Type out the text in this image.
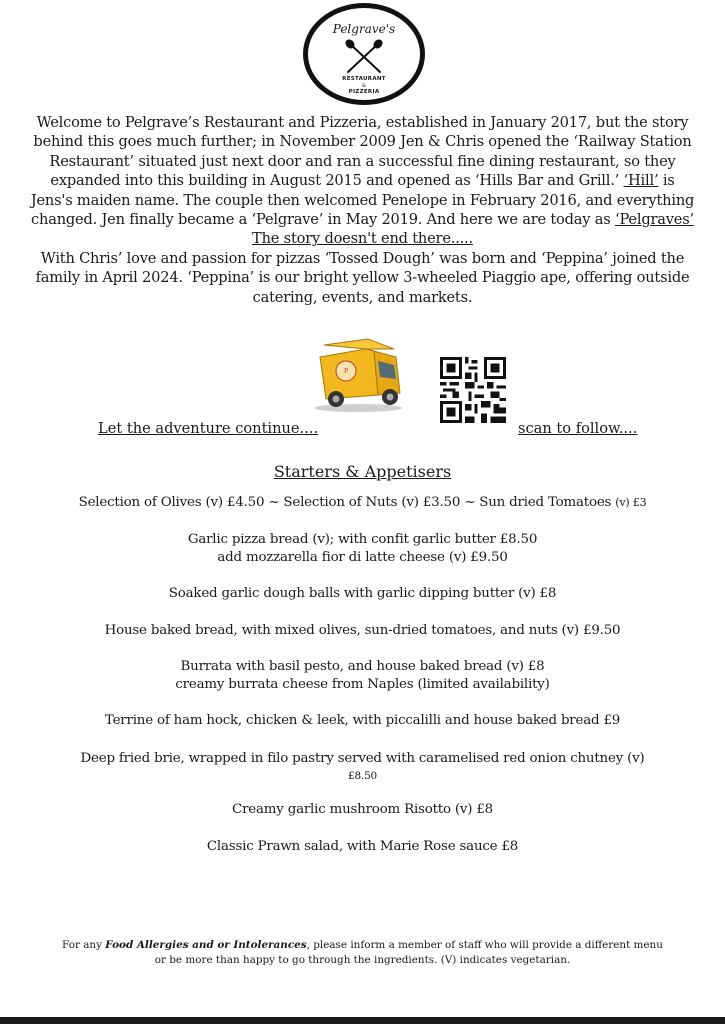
Pelgrave's
RESTAURANT
&
PIZZERIA

Welcome to Pelgrave’s Restaurant and Pizzeria, established in January 2017, but the story behind this goes much further; in November 2009 Jen & Chris opened the ‘Railway Station Restaurant’ situated just next door and ran a successful fine dining restaurant, so they expanded into this building in August 2015 and opened as ‘Hills Bar and Grill.’ ‘Hill’ is Jens's maiden name. The couple then welcomed Penelope in February 2016, and everything changed. Jen finally became a ‘Pelgrave’ in May 2019. And here we are today as ‘Pelgraves’

The story doesn't end there.....

With Chris’ love and passion for pizzas ‘Tossed Dough’ was born and ‘Peppina’ joined the family in April 2024. ‘Peppina’ is our bright yellow 3-wheeled Piaggio ape, offering outside catering, events, and markets.

P
Let the adventure continue....	scan to follow....
Starters & Appetisers
Selection of Olives (v) £4.50 ~ Selection of Nuts (v) £3.50 ~ Sun dried Tomatoes (v) £3
Garlic pizza bread (v); with confit garlic butter £8.50
add mozzarella fior di latte cheese (v) £9.50
Soaked garlic dough balls with garlic dipping butter (v) £8
House baked bread, with mixed olives, sun-dried tomatoes, and nuts (v) £9.50
Burrata with basil pesto, and house baked bread (v) £8
creamy burrata cheese from Naples (limited availability)
Terrine of ham hock, chicken & leek, with piccalilli and house baked bread £9
Deep fried brie, wrapped in filo pastry served with caramelised red onion chutney (v)
£8.50
Creamy garlic mushroom Risotto (v) £8
Classic Prawn salad, with Marie Rose sauce £8
For any Food Allergies and or Intolerances, please inform a member of staff who will provide a different menu or be more than happy to go through the ingredients. (V) indicates vegetarian.
